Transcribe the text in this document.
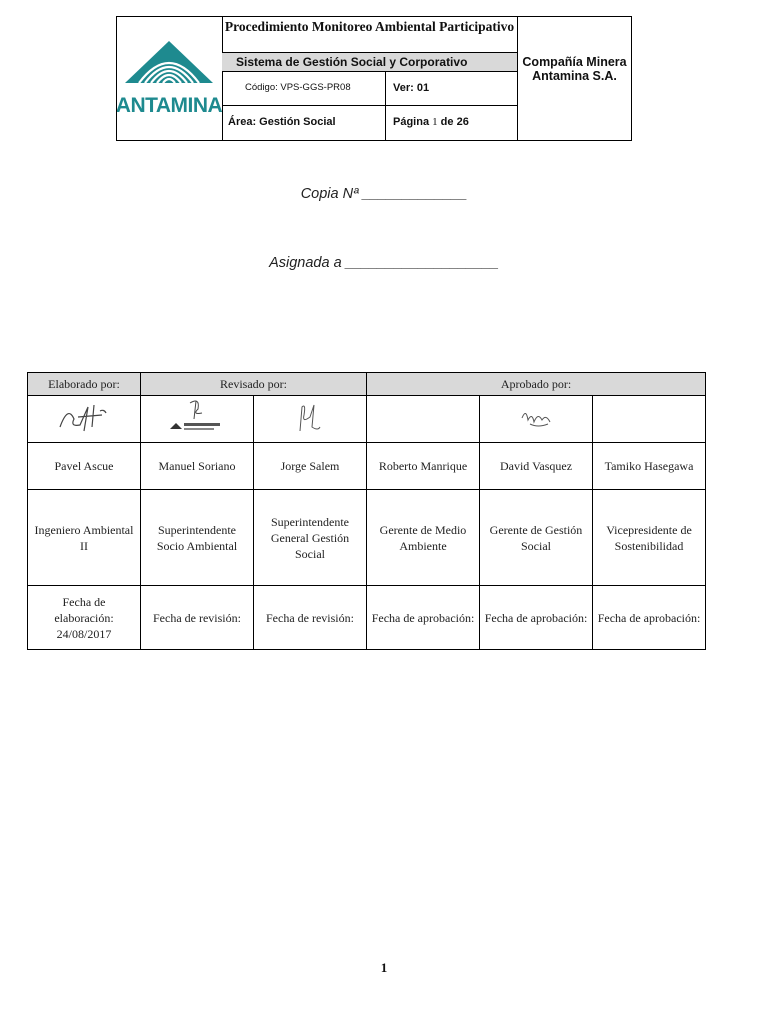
ANTAMINA
Procedimiento Monitoreo Ambiental Participativo
Sistema de Gestión Social y Corporativo
Código: VPS-GGS-PR08	Ver: 01
Área: Gestión Social	Página 1 de 26
Compañía Minera Antamina S.A.
Copia Nª _____________
Asignada a ___________________
Elaborado por:	Revisado por:		Aprobado por:		

Pavel Ascue	Manuel Soriano	Jorge Salem	Roberto Manrique	David Vasquez	Tamiko Hasegawa
Ingeniero Ambiental II	Superintendente Socio Ambiental	Superintendente General Gestión Social	Gerente de Medio Ambiente	Gerente de Gestión Social	Vicepresidente de Sostenibilidad
Fecha de elaboración: 24/08/2017	Fecha de revisión:	Fecha de revisión:	Fecha de aprobación:	Fecha de aprobación:	Fecha de aprobación:
1
